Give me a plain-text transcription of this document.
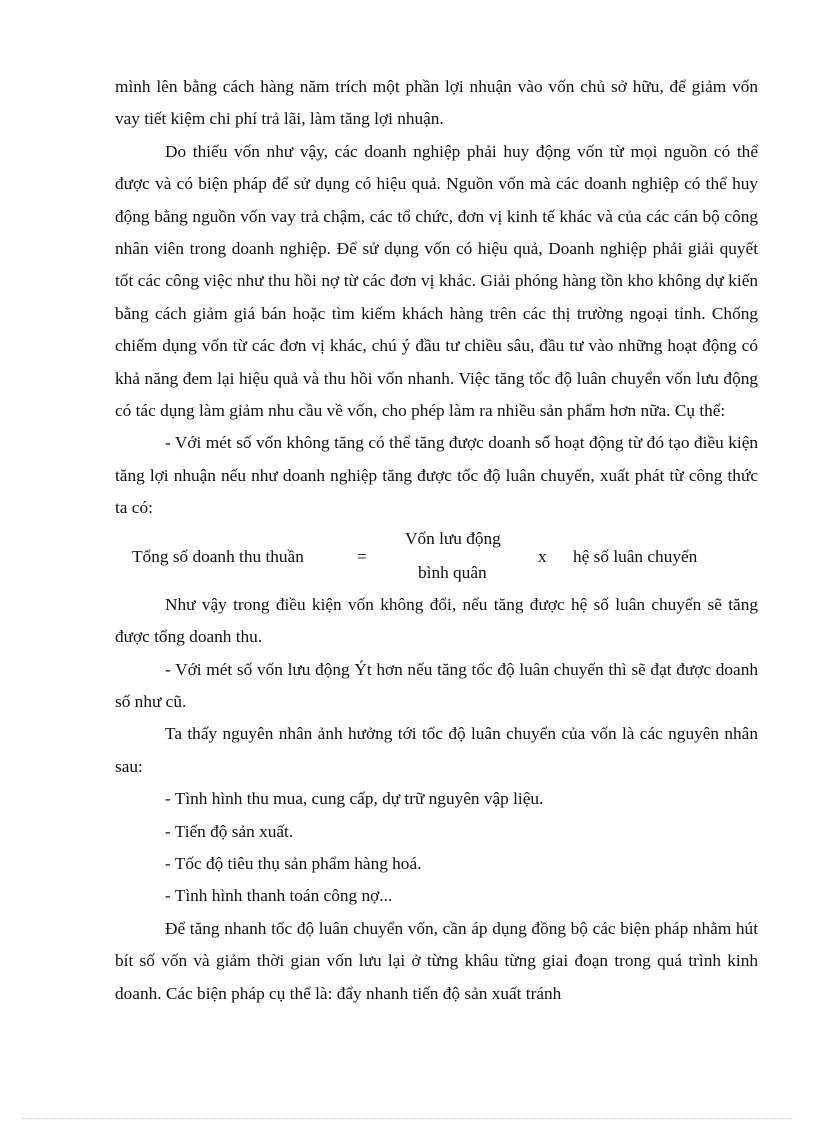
mình lên bằng cách hàng năm trích một phần lợi nhuận vào vốn chủ sở hữu, để giảm vốn vay tiết kiệm chi phí trả lãi, làm tăng lợi nhuận.

Do thiếu vốn như vậy, các doanh nghiệp phải huy động vốn từ mọi nguồn có thể được và có biện pháp để sử dụng có hiệu quả. Nguồn vốn mà các doanh nghiệp có thể huy động bằng nguồn vốn vay trả chậm, các tổ chức, đơn vị kinh tế khác và của các cán bộ công nhân viên trong doanh nghiệp. Để sử dụng vốn có hiệu quả, Doanh nghiệp phải giải quyết tốt các công việc như thu hồi nợ từ các đơn vị khác. Giải phóng hàng tồn kho không dự kiến bằng cách giảm giá bán hoặc tìm kiếm khách hàng trên các thị trường ngoại tỉnh. Chống chiếm dụng vốn từ các đơn vị khác, chú ý đầu tư chiều sâu, đầu tư vào những hoạt động có khả năng đem lại hiệu quả và thu hồi vốn nhanh. Việc tăng tốc độ luân chuyển vốn lưu động có tác dụng làm giảm nhu cầu về vốn, cho phép làm ra nhiều sản phẩm hơn nữa. Cụ thể:

- Với mét số vốn không tăng có thể tăng được doanh số hoạt động từ đó tạo điều kiện tăng lợi nhuận nếu như doanh nghiệp tăng được tốc độ luân chuyển, xuất phát từ công thức ta có:

Tổng số doanh thu thuần	=
Vốn lưu động
bình quân
x hệ số luân chuyển

Như vậy trong điều kiện vốn không đổi, nếu tăng được hệ số luân chuyển sẽ tăng được tổng doanh thu.

- Với mét số vốn lưu động Ýt hơn nếu tăng tốc độ luân chuyển thì sẽ đạt được doanh số như cũ.

Ta thấy nguyên nhân ảnh hưởng tới tốc độ luân chuyển của vốn là các nguyên nhân sau:

- Tình hình thu mua, cung cấp, dự trữ nguyên vập liệu.

- Tiến độ sản xuất.

- Tốc độ tiêu thụ sản phẩm hàng hoá.

- Tình hình thanh toán công nợ...

Để tăng nhanh tốc độ luân chuyển vốn, cần áp dụng đồng bộ các biện pháp nhằm hút bít số vốn và giảm thời gian vốn lưu lại ở từng khâu từng giai đoạn trong quá trình kinh doanh. Các biện pháp cụ thể là: đẩy nhanh tiến độ sản xuất tránh
